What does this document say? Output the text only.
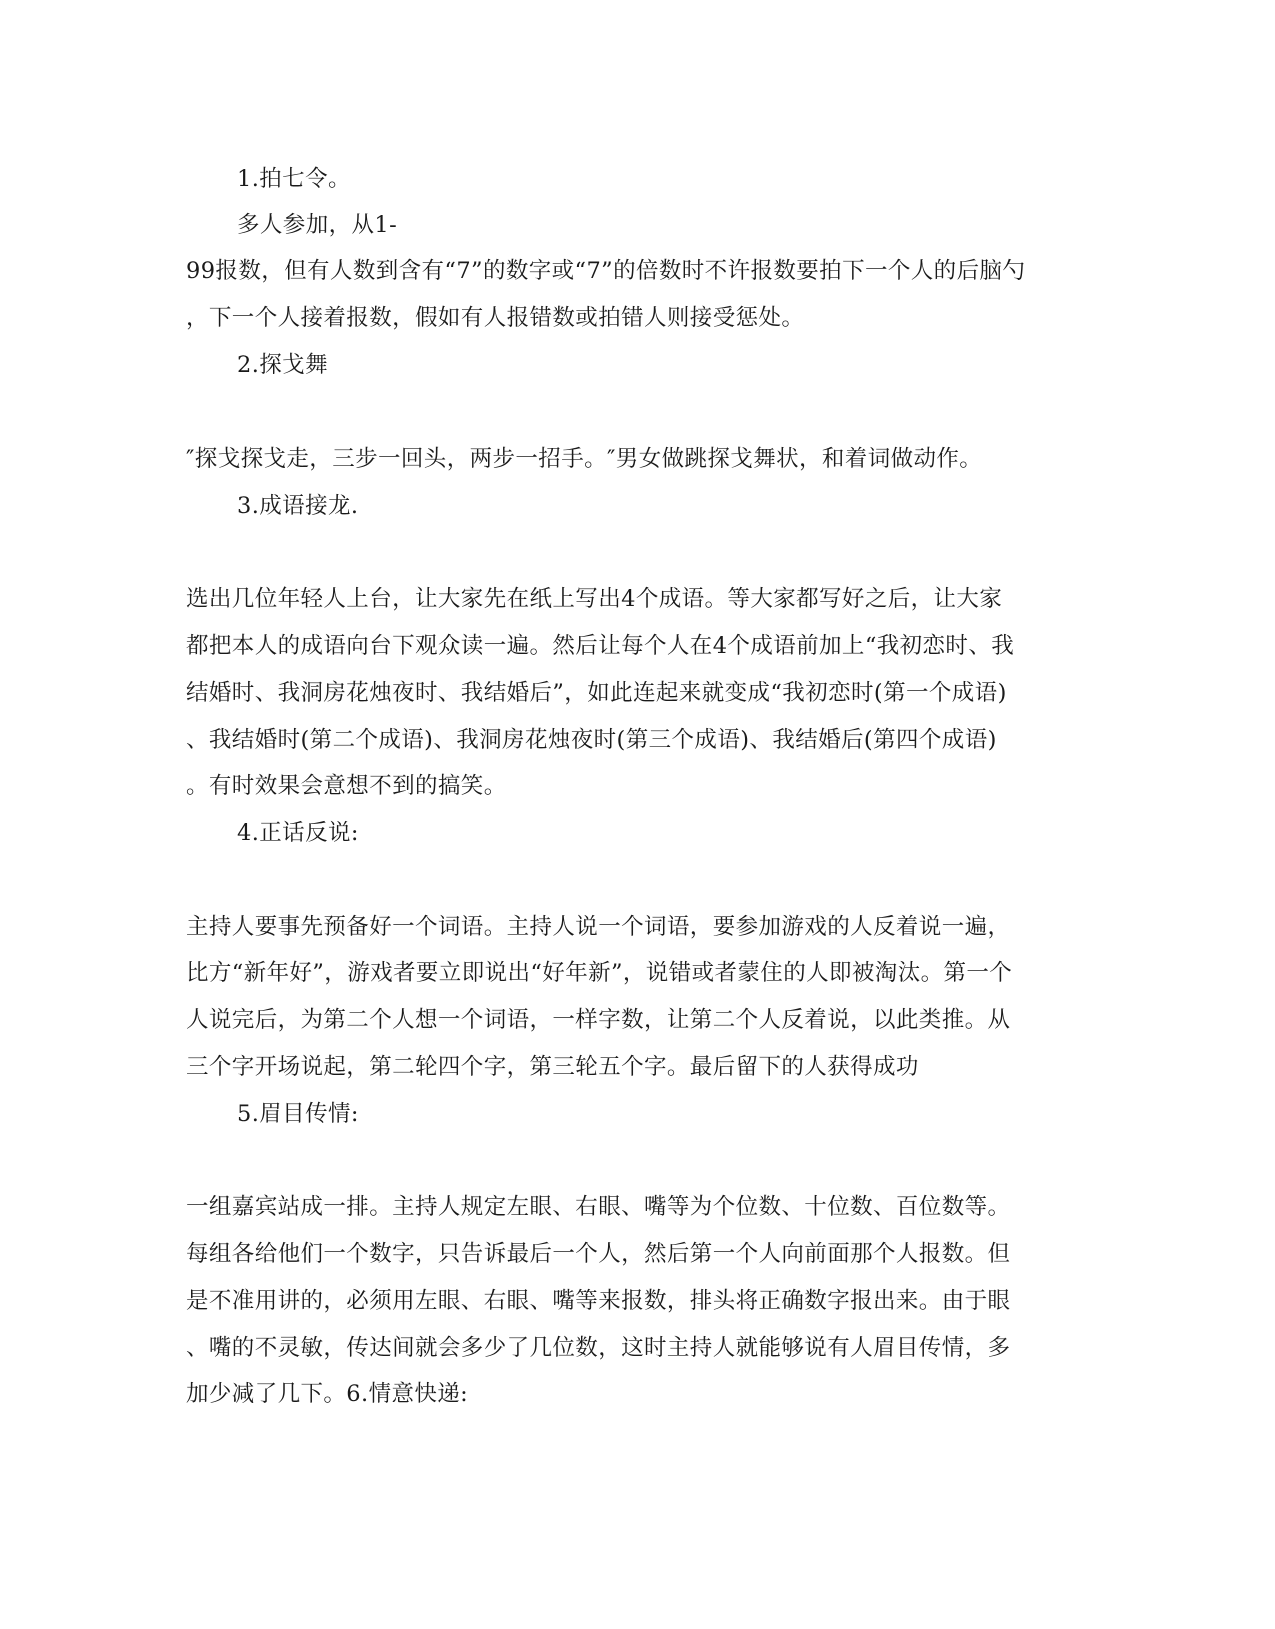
1.拍七令。
多人参加，从1-
99报数，但有人数到含有“7”的数字或“7”的倍数时不许报数要拍下一个人的后脑勺
，下一个人接着报数，假如有人报错数或拍错人则接受惩处。
2.探戈舞
″探戈探戈走，三步一回头，两步一招手。″男女做跳探戈舞状，和着词做动作。
3.成语接龙.
选出几位年轻人上台，让大家先在纸上写出4个成语。等大家都写好之后，让大家
都把本人的成语向台下观众读一遍。然后让每个人在4个成语前加上“我初恋时、我
结婚时、我洞房花烛夜时、我结婚后”，如此连起来就变成“我初恋时(第一个成语)
、我结婚时(第二个成语)、我洞房花烛夜时(第三个成语)、我结婚后(第四个成语)
。有时效果会意想不到的搞笑。
4.正话反说:
主持人要事先预备好一个词语。主持人说一个词语，要参加游戏的人反着说一遍，
比方“新年好”，游戏者要立即说出“好年新”，说错或者蒙住的人即被淘汰。第一个
人说完后，为第二个人想一个词语，一样字数，让第二个人反着说，以此类推。从
三个字开场说起，第二轮四个字，第三轮五个字。最后留下的人获得成功
5.眉目传情:
一组嘉宾站成一排。主持人规定左眼、右眼、嘴等为个位数、十位数、百位数等。
每组各给他们一个数字，只告诉最后一个人，然后第一个人向前面那个人报数。但
是不准用讲的，必须用左眼、右眼、嘴等来报数，排头将正确数字报出来。由于眼
、嘴的不灵敏，传达间就会多少了几位数，这时主持人就能够说有人眉目传情，多
加少减了几下。6.情意快递:
